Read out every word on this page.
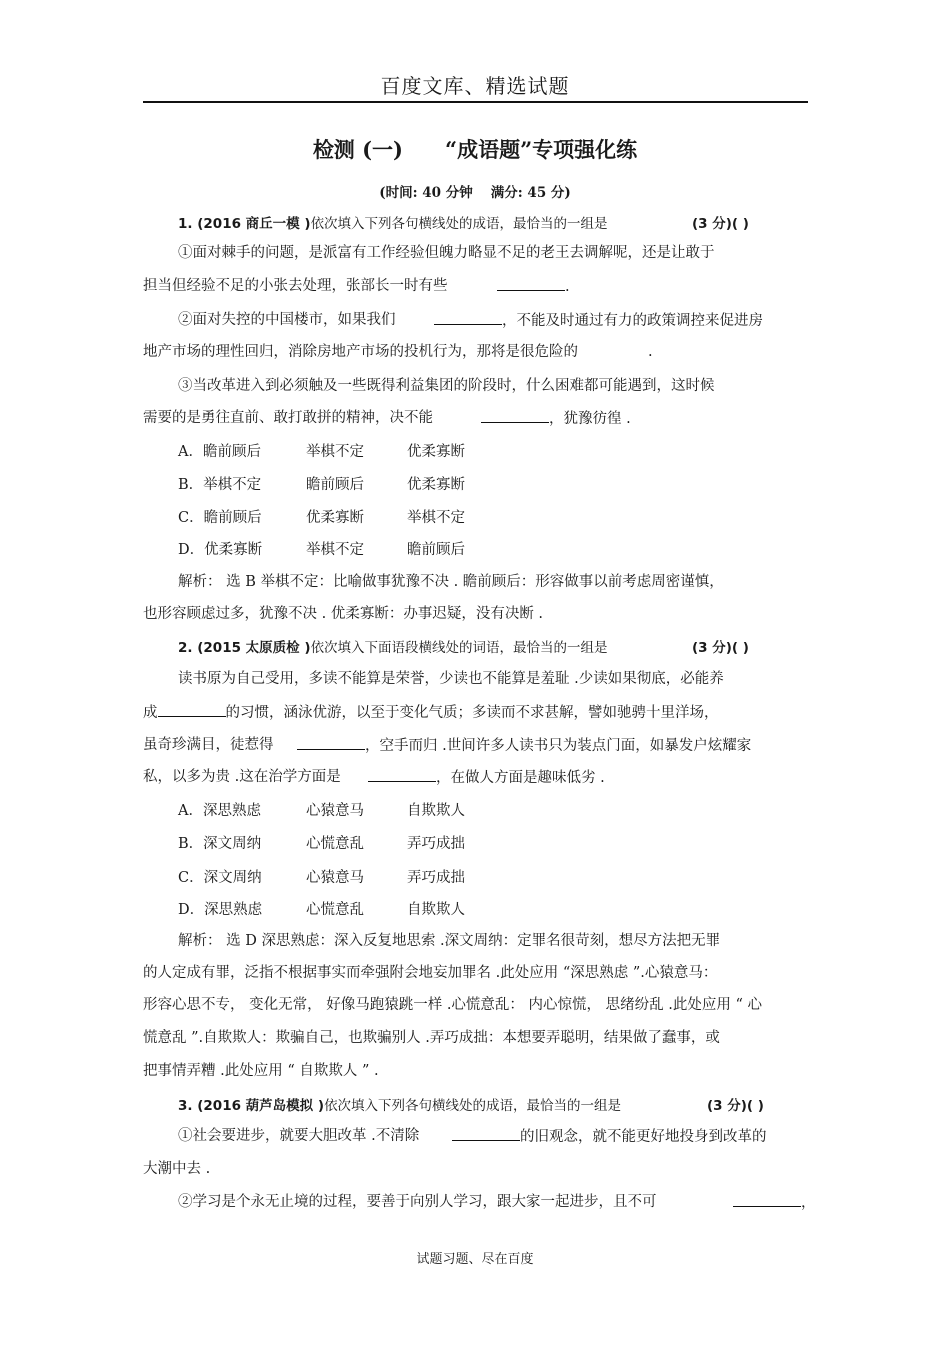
百度文库、精选试题
检测 (一) “成语题”专项强化练
(时间: 40 分钟 满分: 45 分)
1. (2016 商丘一模 )依次填入下列各句横线处的成语，最恰当的一组是	(3 分)( )
①面对棘手的问题，是派富有工作经验但魄力略显不足的老王去调解呢，还是让敢于
担当但经验不足的小张去处理，张部长一时有些	.
②面对失控的中国楼市，如果我们	，不能及时通过有力的政策调控来促进房
地产市场的理性回归，消除房地产市场的投机行为，那将是很危险的	.
③当改革进入到必须触及一些既得利益集团的阶段时，什么困难都可能遇到，这时候
需要的是勇往直前、敢打敢拼的精神，决不能	，犹豫彷徨 .
A．瞻前顾后	举棋不定	优柔寡断
B．举棋不定	瞻前顾后	优柔寡断
C．瞻前顾后	优柔寡断	举棋不定
D．优柔寡断	举棋不定	瞻前顾后
解析： 选 B 举棋不定：比喻做事犹豫不决 . 瞻前顾后：形容做事以前考虑周密谨慎，
也形容顾虑过多，犹豫不决 . 优柔寡断：办事迟疑，没有决断 .
2. (2015 太原质检 )依次填入下面语段横线处的词语，最恰当的一组是	(3 分)( )
读书原为自己受用，多读不能算是荣誉，少读也不能算是羞耻 .少读如果彻底，必能养
成	的习惯，涵泳优游，以至于变化气质；多读而不求甚解，譬如驰骋十里洋场，
虽奇珍满目，徒惹得	，空手而归 .世间许多人读书只为装点门面，如暴发户炫耀家
私，以多为贵 .这在治学方面是	，在做人方面是趣味低劣 .
A．深思熟虑	心猿意马	自欺欺人
B．深文周纳	心慌意乱	弄巧成拙
C．深文周纳	心猿意马	弄巧成拙
D．深思熟虑	心慌意乱	自欺欺人
解析： 选 D 深思熟虑：深入反复地思索 .深文周纳：定罪名很苛刻，想尽方法把无罪
的人定成有罪，泛指不根据事实而牵强附会地妄加罪名 .此处应用 “深思熟虑 ”.心猿意马：
形容心思不专， 变化无常， 好像马跑猿跳一样 .心慌意乱： 内心惊慌， 思绪纷乱 .此处应用 “ 心
慌意乱 ”.自欺欺人：欺骗自己，也欺骗别人 .弄巧成拙：本想要弄聪明，结果做了蠢事，或
把事情弄糟 .此处应用 “ 自欺欺人 ” .
3. (2016 葫芦岛模拟 )依次填入下列各句横线处的成语，最恰当的一组是	(3 分)( )
①社会要进步，就要大胆改革 .不清除	的旧观念，就不能更好地投身到改革的
大潮中去 .
②学习是个永无止境的过程，要善于向别人学习，跟大家一起进步，且不可	，
试题习题、尽在百度
